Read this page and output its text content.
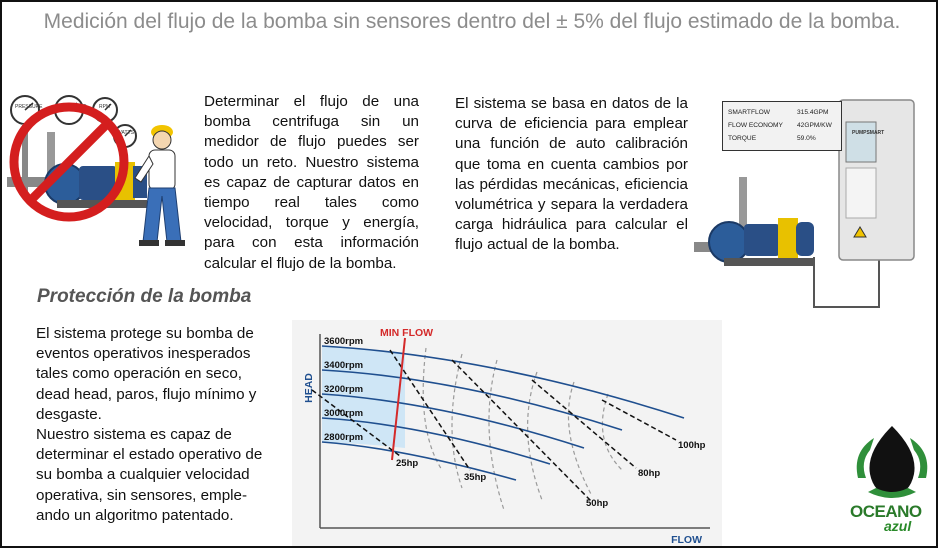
Medición del flujo de la bomba sin sensores dentro del ± 5% del flujo estimado de la bomba.
PRESSURE	PRESSURE RPM
WATTS
Determinar el flujo de una bomba centrifuga sin un medidor de flujo puedes ser todo un reto. Nuestro sistema es capaz de capturar datos en tiempo real tales como velocidad, torque y energía, para con esta información calcular el flujo de la bomba.
El sistema se basa en datos de la curva de eficiencia para emplear una función de auto calibración que toma en cuenta cambios por las pérdidas mecánicas, eficiencia volumétrica y separa la verdadera carga hidráulica para calcular el flujo actual de la bomba.
SMARTFLOW	315.4GPM
FLOW ECONOMY 42GPM/KW
TORQUE	59.0%
PUMPSMART
Protección de la bomba
El sistema protege su bomba de
eventos operativos inesperados
tales como operación en seco,
dead head, paros, flujo mínimo y
desgaste.
Nuestro sistema es capaz de
determinar el estado operativo de
su bomba a cualquier velocidad
operativa, sin sensores, emple-
ando un algoritmo patentado.
HEAD
FLOW
MIN FLOW
3600rpm
3400rpm
3200rpm
3000rpm
2800rpm
25hp
35hp
50hp
80hp
100hp
OCEANO
azul
